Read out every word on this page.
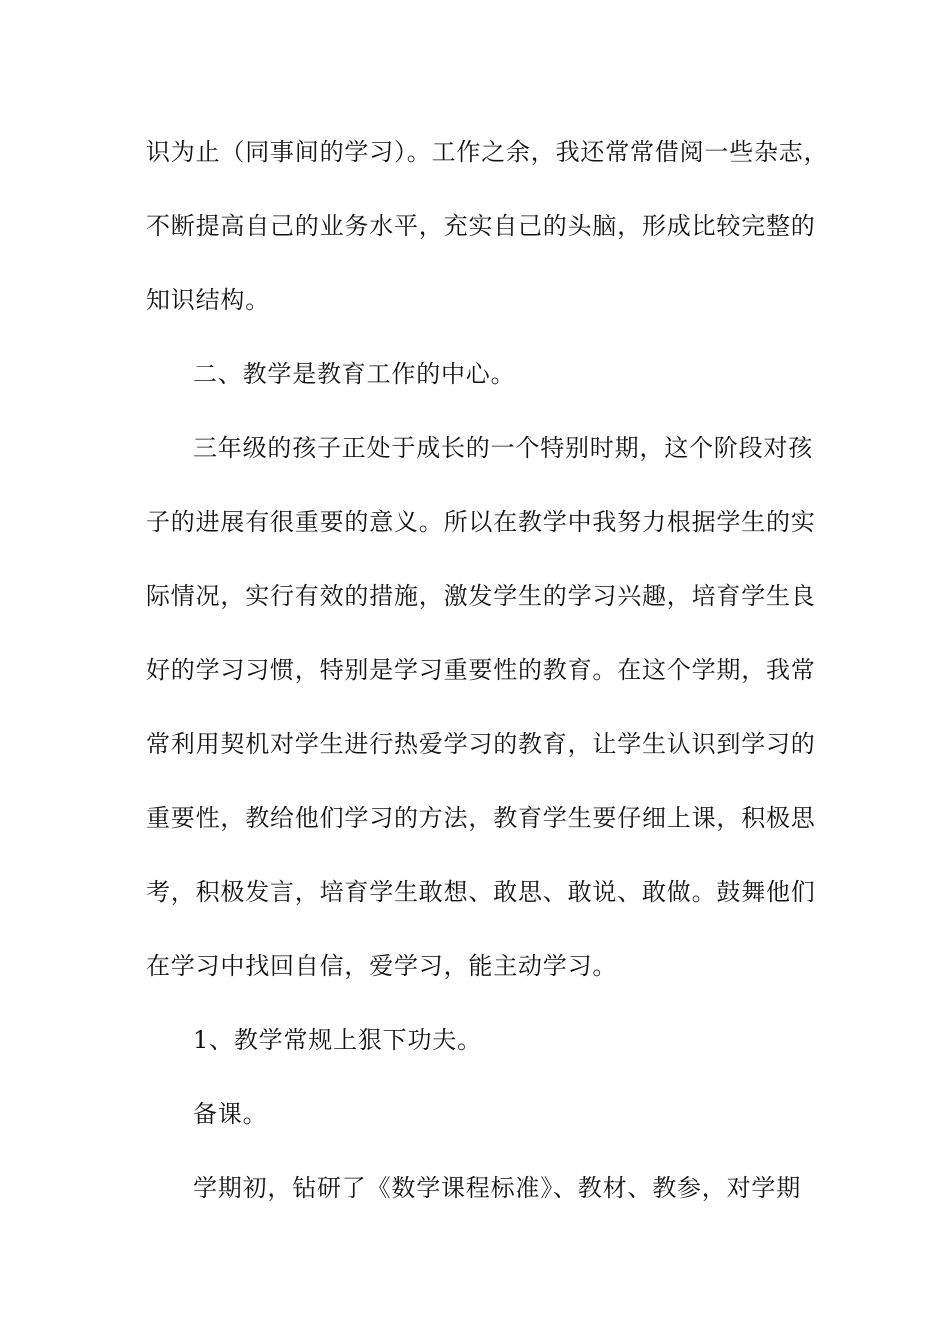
识为止（同事间的学习）。工作之余，我还常常借阅一些杂志，
不断提高自己的业务水平，充实自己的头脑，形成比较完整的
知识结构。
二、教学是教育工作的中心。
三年级的孩子正处于成长的一个特别时期，这个阶段对孩
子的进展有很重要的意义。所以在教学中我努力根据学生的实
际情况，实行有效的措施，激发学生的学习兴趣，培育学生良
好的学习习惯，特别是学习重要性的教育。在这个学期，我常
常利用契机对学生进行热爱学习的教育，让学生认识到学习的
重要性，教给他们学习的方法，教育学生要仔细上课，积极思
考，积极发言，培育学生敢想、敢思、敢说、敢做。鼓舞他们
在学习中找回自信，爱学习，能主动学习。
1、教学常规上狠下功夫。
备课。
学期初，钻研了《数学课程标准》、教材、教参，对学期
